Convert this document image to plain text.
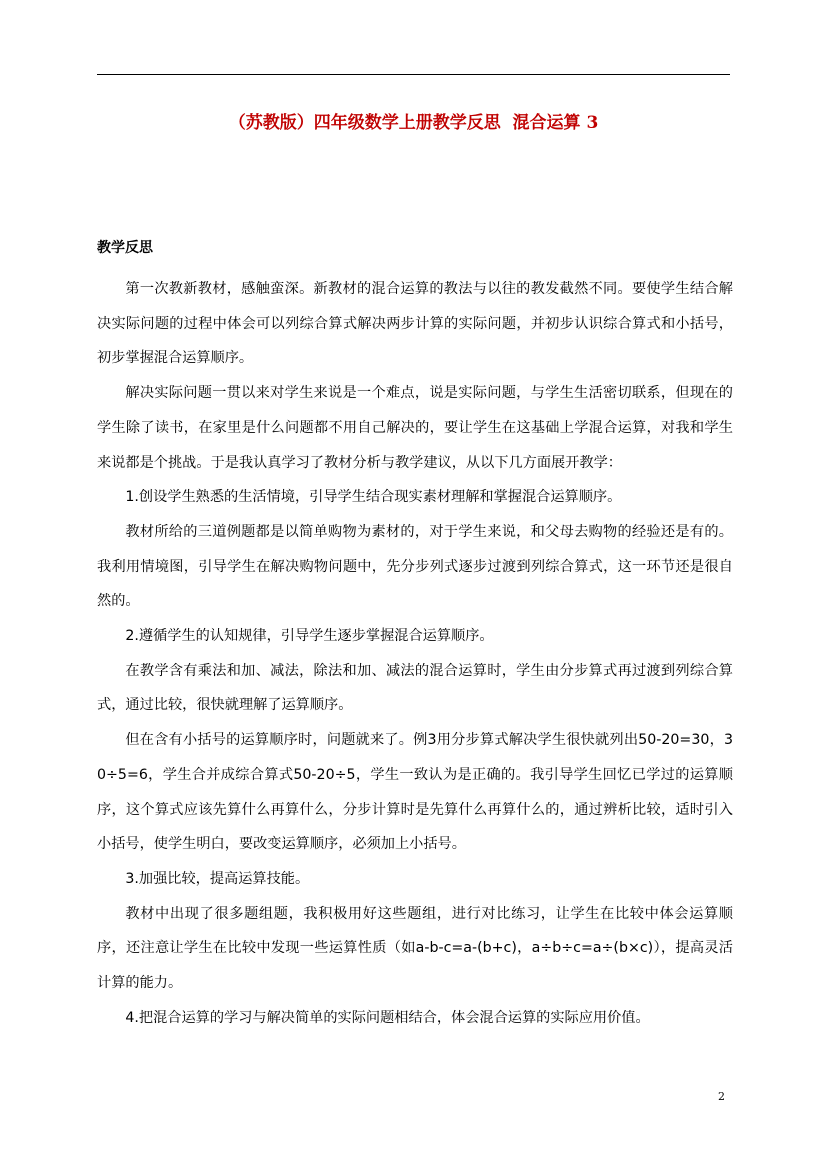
（苏教版）四年级数学上册教学反思  混合运算 3
教学反思

第一次教新教材，感触蛮深。新教材的混合运算的教法与以往的教发截然不同。要使学生结合解决实际问题的过程中体会可以列综合算式解决两步计算的实际问题，并初步认识综合算式和小括号，初步掌握混合运算顺序。

解决实际问题一贯以来对学生来说是一个难点，说是实际问题，与学生生活密切联系，但现在的学生除了读书，在家里是什么问题都不用自己解决的，要让学生在这基础上学混合运算，对我和学生来说都是个挑战。于是我认真学习了教材分析与教学建议，从以下几方面展开教学：

1.创设学生熟悉的生活情境，引导学生结合现实素材理解和掌握混合运算顺序。

教材所给的三道例题都是以简单购物为素材的，对于学生来说，和父母去购物的经验还是有的。我利用情境图，引导学生在解决购物问题中，先分步列式逐步过渡到列综合算式，这一环节还是很自然的。

2.遵循学生的认知规律，引导学生逐步掌握混合运算顺序。

在教学含有乘法和加、减法，除法和加、减法的混合运算时，学生由分步算式再过渡到列综合算式，通过比较，很快就理解了运算顺序。

但在含有小括号的运算顺序时，问题就来了。例3用分步算式解决学生很快就列出50-20=30，30÷5=6，学生合并成综合算式50-20÷5，学生一致认为是正确的。我引导学生回忆已学过的运算顺序，这个算式应该先算什么再算什么，分步计算时是先算什么再算什么的，通过辨析比较，适时引入小括号，使学生明白，要改变运算顺序，必须加上小括号。

3.加强比较，提高运算技能。

教材中出现了很多题组题，我积极用好这些题组，进行对比练习，让学生在比较中体会运算顺序，还注意让学生在比较中发现一些运算性质（如a-b-c=a-(b+c)，a÷b÷c=a÷(b×c)），提高灵活计算的能力。

4.把混合运算的学习与解决简单的实际问题相结合，体会混合运算的实际应用价值。

2
